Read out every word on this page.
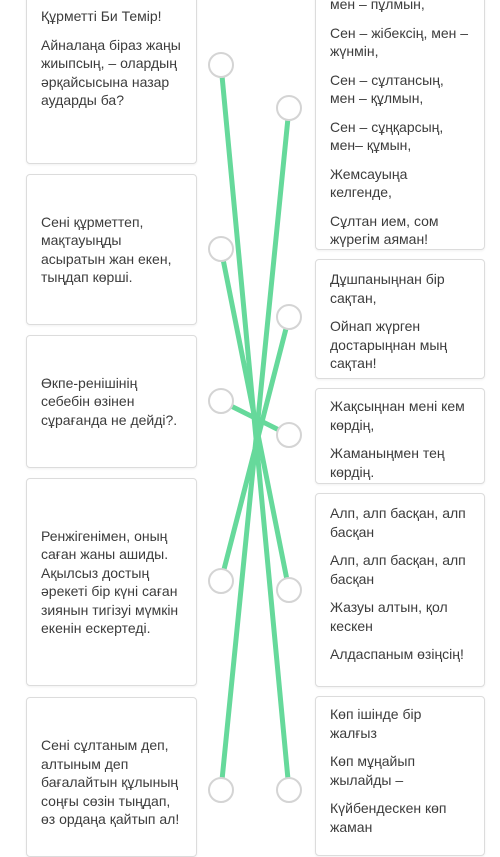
Құрметті Би Темір!

Айналаңа біраз жаңы жиыпсың, – олардың әрқайсысына назар аударды ба?

Сені құрметтеп, мақтауыңды асыратын жан екен, тыңдап көрші.

Өкпе-ренішінің себебін өзінен сұрағанда не дейді?.

Ренжігенімен, оның саған жаны ашиды. Ақылсыз достың әрекеті бір күні саған зиянын тигізуі мүмкін екенін ескертеді.

Сені сұлтаным деп, алтыным деп бағалайтын құлының соңғы сөзін тыңдап, өз ордаңа қайтып ал!

мен – пұлмын,

Сен – жібексің, мен – жүнмін,

Сен – сұлтансың, мен – құлмын,

Сен – сұңқарсың, мен– құмын,

Жемсауыңа келгенде,

Сұлтан ием, сом жүрегім аяман!

Дұшпаныңнан бір сақтан,

Ойнап жүрген достарыңнан мың сақтан!

Жақсыңнан мені кем көрдің,

Жаманыңмен тең көрдің.

Алп, алп басқан, алп басқан

Алп, алп басқан, алп басқан

Жазуы алтын, қол кескен

Алдаспаным өзіңсің!

Көп ішінде бір жалғыз

Көп мұңайып жылайды –

Күйбендескен көп жаман
